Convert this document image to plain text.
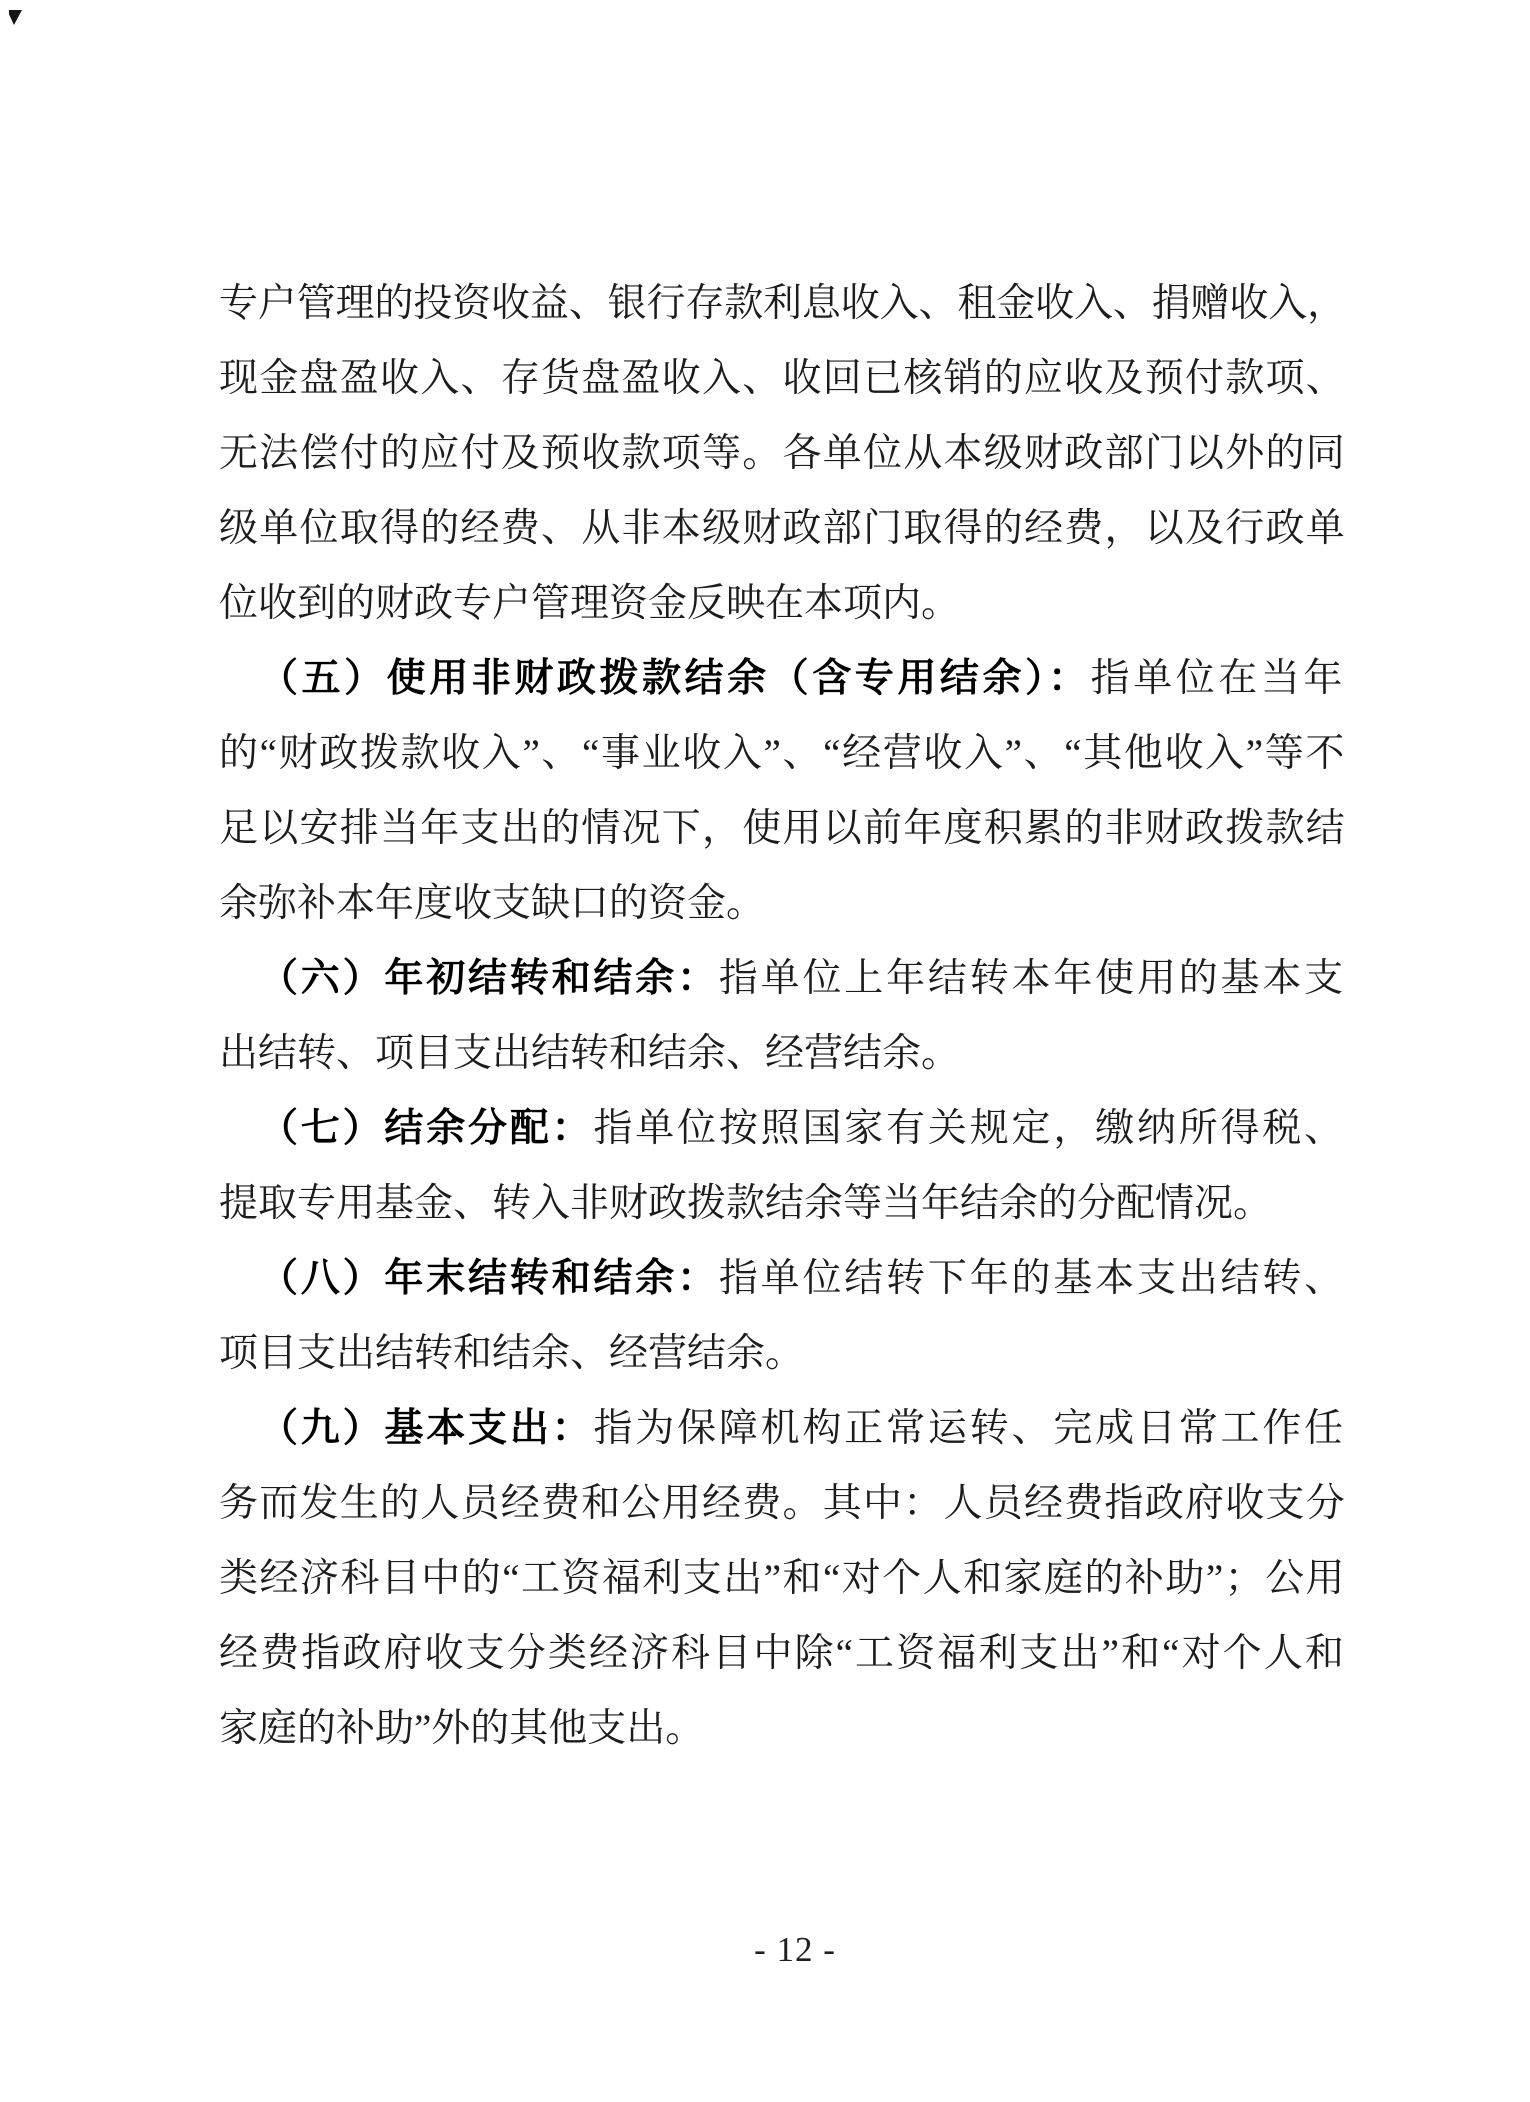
专户管理的投资收益、银行存款利息收入、租金收入、捐赠收入，
现金盘盈收入、存货盘盈收入、收回已核销的应收及预付款项、
无法偿付的应付及预收款项等。各单位从本级财政部门以外的同
级单位取得的经费、从非本级财政部门取得的经费，以及行政单
位收到的财政专户管理资金反映在本项内。
（五）使用非财政拨款结余（含专用结余）：指单位在当年
的“财政拨款收入”、“事业收入”、“经营收入”、“其他收入”等不
足以安排当年支出的情况下，使用以前年度积累的非财政拨款结
余弥补本年度收支缺口的资金。
（六）年初结转和结余：指单位上年结转本年使用的基本支
出结转、项目支出结转和结余、经营结余。
（七）结余分配：指单位按照国家有关规定，缴纳所得税、
提取专用基金、转入非财政拨款结余等当年结余的分配情况。
（八）年末结转和结余：指单位结转下年的基本支出结转、
项目支出结转和结余、经营结余。
（九）基本支出：指为保障机构正常运转、完成日常工作任
务而发生的人员经费和公用经费。其中：人员经费指政府收支分
类经济科目中的“工资福利支出”和“对个人和家庭的补助”；公用
经费指政府收支分类经济科目中除“工资福利支出”和“对个人和
家庭的补助”外的其他支出。
- 12 -
